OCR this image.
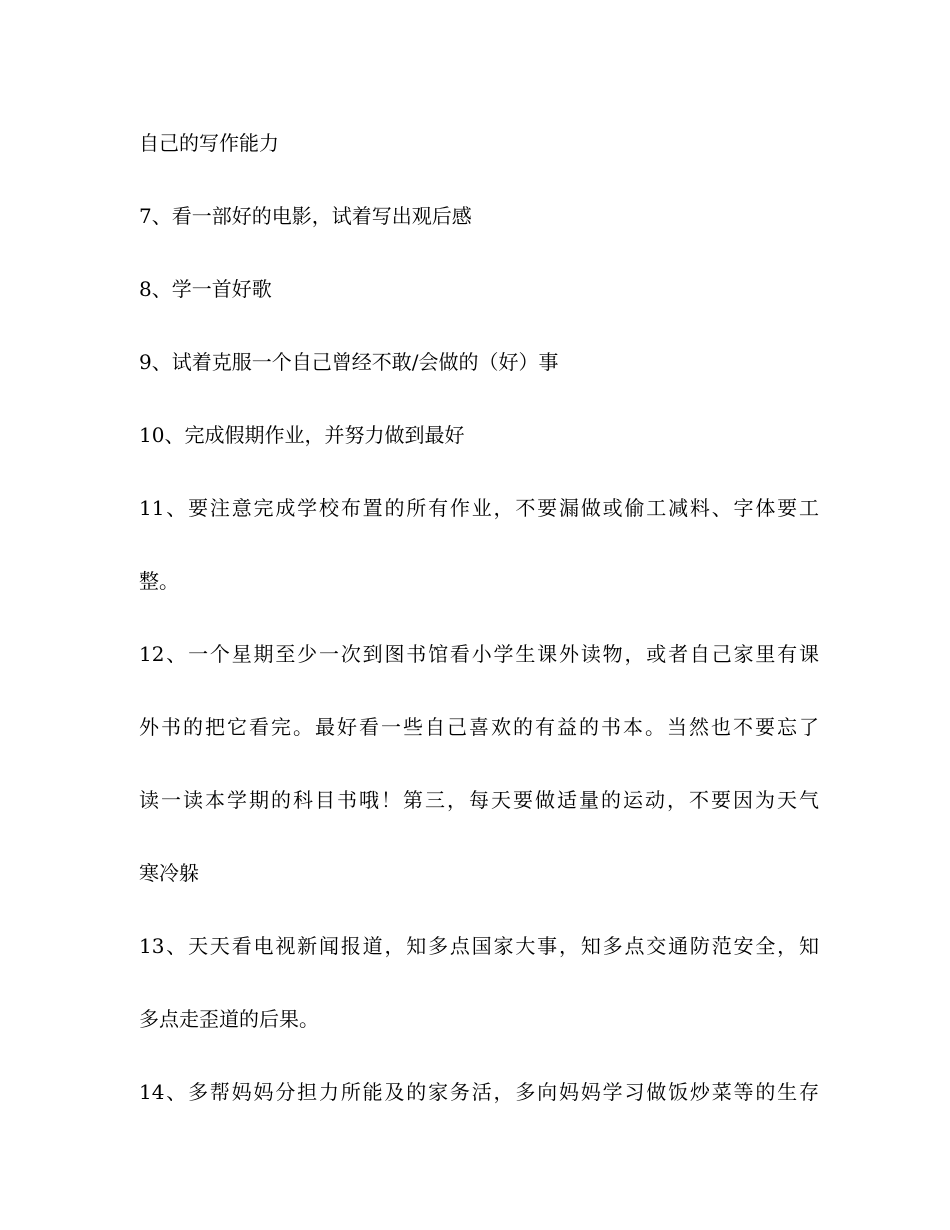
自己的写作能力
7、看一部好的电影，试着写出观后感
8、学一首好歌
9、试着克服一个自己曾经不敢/会做的（好）事
10、完成假期作业，并努力做到最好
11、要注意完成学校布置的所有作业，不要漏做或偷工减料、字体要工
整。
12、一个星期至少一次到图书馆看小学生课外读物，或者自己家里有课
外书的把它看完。最好看一些自己喜欢的有益的书本。当然也不要忘了
读一读本学期的科目书哦！第三，每天要做适量的运动，不要因为天气
寒冷躲
13、天天看电视新闻报道，知多点国家大事，知多点交通防范安全，知
多点走歪道的后果。
14、多帮妈妈分担力所能及的家务活，多向妈妈学习做饭炒菜等的生存
